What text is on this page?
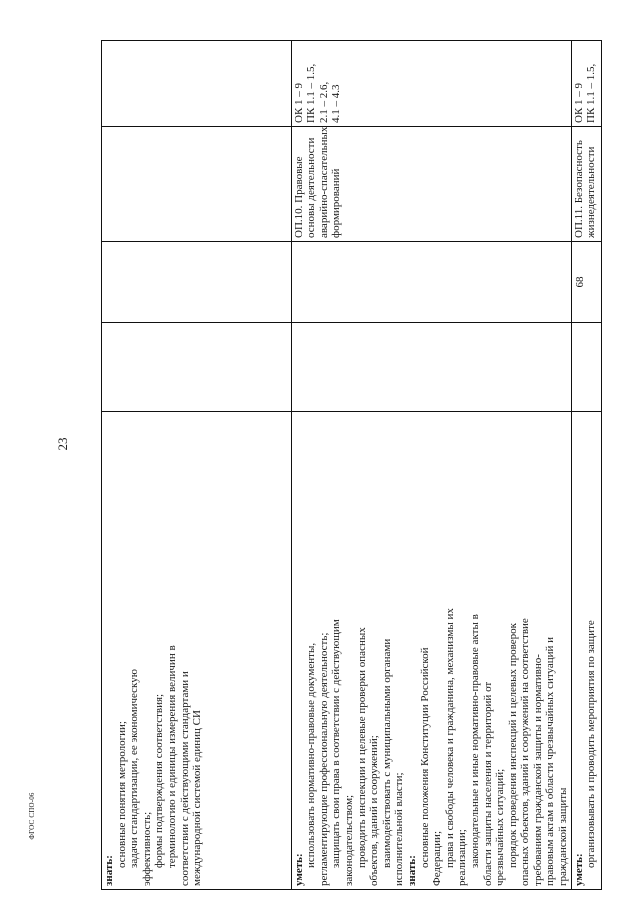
23
знать:
основные понятия метрологии; задачи стандартизации, ее экономическую эффективность; формы подтверждения соответствия; терминологию и единицы измерения величин в соответствии с действующими стандартами и международной системой единиц СИ	уметь:
использовать нормативно-правовые документы, регламентирующие профессиональную деятельность; защищать свои права в соответствии с действующим законодательством; проводить инспекции и целевые проверки опасных объектов, зданий и сооружений; взаимодействовать с муниципальными органами исполнительной власти; знать:
основные положения Конституции Российской Федерации; права и свободы человека и гражданина, механизмы их реализации; законодательные и иные нормативно-правовые акты в области защиты населения и территорий от чрезвычайных ситуаций; порядок проведения инспекций и целевых проверок опасных объектов, зданий и сооружений на соответствие требованиям гражданской защиты и нормативно- правовым актам в области чрезвычайных ситуаций и гражданской защиты
ОП.10. Правовые основы деятельности аварийно-спасательных формирований
ОК 1 – 9 ПК 1.1 – 1.5, 2.1 – 2.6, 4.1 – 4.3
уметь:
организовывать и проводить мероприятия по защите
68
ОП.11. Безопасность жизнедеятельности
ОК 1 – 9 ПК 1.1 – 1.5,
ФГОС СПО-06
